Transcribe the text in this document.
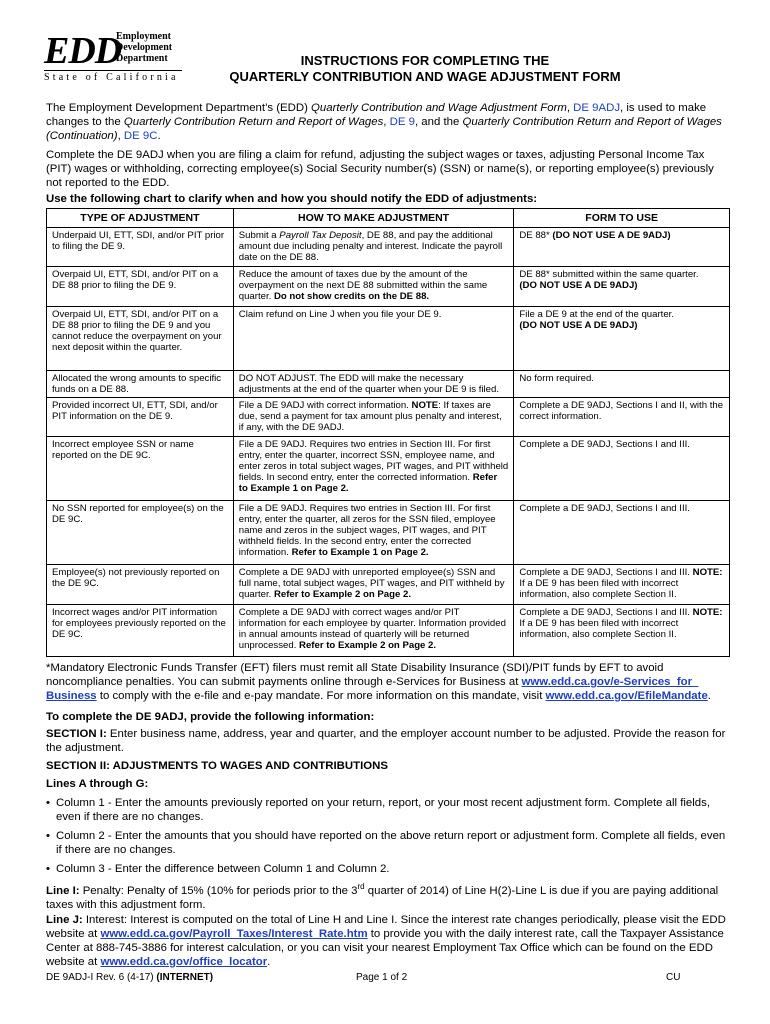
EDD
Employment
Development
Department
State of California
INSTRUCTIONS FOR COMPLETING THE
QUARTERLY CONTRIBUTION AND WAGE ADJUSTMENT FORM
The Employment Development Department’s (EDD) Quarterly Contribution and Wage Adjustment Form, DE 9ADJ, is used to make changes to the Quarterly Contribution Return and Report of Wages, DE 9, and the Quarterly Contribution Return and Report of Wages (Continuation), DE 9C.
Complete the DE 9ADJ when you are filing a claim for refund, adjusting the subject wages or taxes, adjusting Personal Income Tax (PIT) wages or withholding, correcting employee(s) Social Security number(s) (SSN) or name(s), or reporting employee(s) previously not reported to the EDD.
Use the following chart to clarify when and how you should notify the EDD of adjustments:
TYPE OF ADJUSTMENT	HOW TO MAKE ADJUSTMENT	FORM TO USE
Underpaid UI, ETT, SDI, and/or PIT prior to filing the DE 9.	Submit a Payroll Tax Deposit, DE 88, and pay the additional amount due including penalty and interest. Indicate the payroll date on the DE 88.	DE 88* (DO NOT USE A DE 9ADJ)
Overpaid UI, ETT, SDI, and/or PIT on a DE 88 prior to filing the DE 9.	Reduce the amount of taxes due by the amount of the overpayment on the next DE 88 submitted within the same quarter. Do not show credits on the DE 88.	DE 88* submitted within the same quarter.
(DO NOT USE A DE 9ADJ)
Overpaid UI, ETT, SDI, and/or PIT on a DE 88 prior to filing the DE 9 and you cannot reduce the overpayment on your next deposit within the quarter.	Claim refund on Line J when you file your DE 9.	File a DE 9 at the end of the quarter.
(DO NOT USE A DE 9ADJ)
Allocated the wrong amounts to specific funds on a DE 88.	DO NOT ADJUST. The EDD will make the necessary adjustments at the end of the quarter when your DE 9 is filed.	No form required.
Provided incorrect UI, ETT, SDI, and/or PIT information on the DE 9.	File a DE 9ADJ with correct information. NOTE: If taxes are due, send a payment for tax amount plus penalty and interest, if any, with the DE 9ADJ.	Complete a DE 9ADJ, Sections I and II, with the correct information.
Incorrect employee SSN or name reported on the DE 9C.	File a DE 9ADJ. Requires two entries in Section III. For first entry, enter the quarter, incorrect SSN, employee name, and enter zeros in total subject wages, PIT wages, and PIT withheld fields. In second entry, enter the corrected information. Refer to Example 1 on Page 2.	Complete a DE 9ADJ, Sections I and III.
No SSN reported for employee(s) on the DE 9C.	File a DE 9ADJ. Requires two entries in Section III. For first entry, enter the quarter, all zeros for the SSN filed, employee name and zeros in the subject wages, PIT wages, and PIT withheld fields. In the second entry, enter the corrected information. Refer to Example 1 on Page 2.	Complete a DE 9ADJ, Sections I and III.
Employee(s) not previously reported on the DE 9C.	Complete a DE 9ADJ with unreported employee(s) SSN and full name, total subject wages, PIT wages, and PIT withheld by quarter. Refer to Example 2 on Page 2.	Complete a DE 9ADJ, Sections I and III. NOTE: If a DE 9 has been filed with incorrect information, also complete Section II.
Incorrect wages and/or PIT information for employees previously reported on the DE 9C.	Complete a DE 9ADJ with correct wages and/or PIT information for each employee by quarter. Information provided in annual amounts instead of quarterly will be returned unprocessed. Refer to Example 2 on Page 2.	Complete a DE 9ADJ, Sections I and III. NOTE: If a DE 9 has been filed with incorrect information, also complete Section II.
*Mandatory Electronic Funds Transfer (EFT) filers must remit all State Disability Insurance (SDI)/PIT funds by EFT to avoid noncompliance penalties. You can submit payments online through e-Services for Business at www.edd.ca.gov/e-Services_for_ Business to comply with the e-file and e-pay mandate. For more information on this mandate, visit www.edd.ca.gov/EfileMandate.
To complete the DE 9ADJ, provide the following information:
SECTION I: Enter business name, address, year and quarter, and the employer account number to be adjusted. Provide the reason for the adjustment.
SECTION II: ADJUSTMENTS TO WAGES AND CONTRIBUTIONS
Lines A through G:
• Column 1 - Enter the amounts previously reported on your return, report, or your most recent adjustment form. Complete all fields, even if there are no changes.
• Column 2 - Enter the amounts that you should have reported on the above return report or adjustment form. Complete all fields, even if there are no changes.
• Column 3 - Enter the difference between Column 1 and Column 2.
Line I: Penalty: Penalty of 15% (10% for periods prior to the 3rd quarter of 2014) of Line H(2)-Line L is due if you are paying additional taxes with this adjustment form.
Line J: Interest: Interest is computed on the total of Line H and Line I. Since the interest rate changes periodically, please visit the EDD website at www.edd.ca.gov/Payroll_Taxes/Interest_Rate.htm to provide you with the daily interest rate, call the Taxpayer Assistance Center at 888-745-3886 for interest calculation, or you can visit your nearest Employment Tax Office which can be found on the EDD website at www.edd.ca.gov/office_locator.
DE 9ADJ-I Rev. 6 (4-17) (INTERNET)	Page 1 of 2	CU
